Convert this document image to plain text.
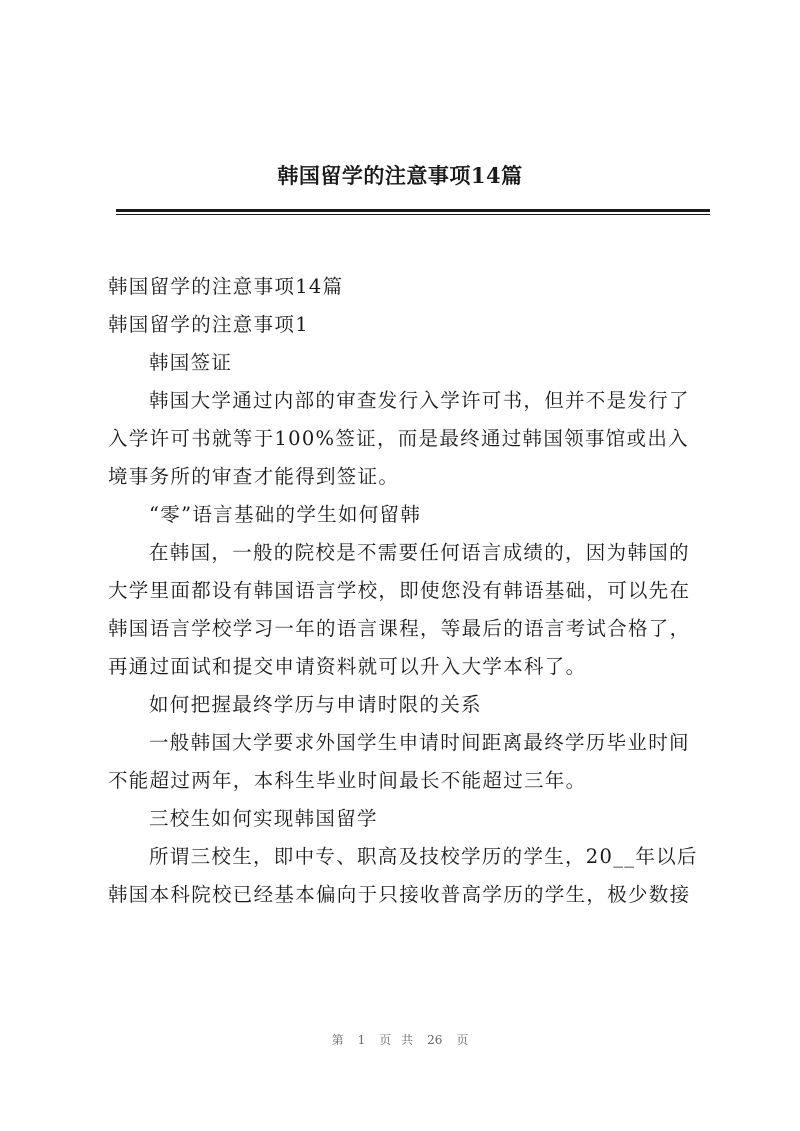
韩国留学的注意事项14篇

韩国留学的注意事项14篇

韩国留学的注意事项1

韩国签证

韩国大学通过内部的审查发行入学许可书，但并不是发行了入学许可书就等于100%签证，而是最终通过韩国领事馆或出入境事务所的审查才能得到签证。

“零”语言基础的学生如何留韩

在韩国，一般的院校是不需要任何语言成绩的，因为韩国的大学里面都设有韩国语言学校，即使您没有韩语基础，可以先在韩国语言学校学习一年的语言课程，等最后的语言考试合格了，再通过面试和提交申请资料就可以升入大学本科了。

如何把握最终学历与申请时限的关系

一般韩国大学要求外国学生申请时间距离最终学历毕业时间不能超过两年，本科生毕业时间最长不能超过三年。

三校生如何实现韩国留学

所谓三校生，即中专、职高及技校学历的学生，20__年以后韩国本科院校已经基本偏向于只接收普高学历的学生，极少数接

第 1 页 共 26 页
